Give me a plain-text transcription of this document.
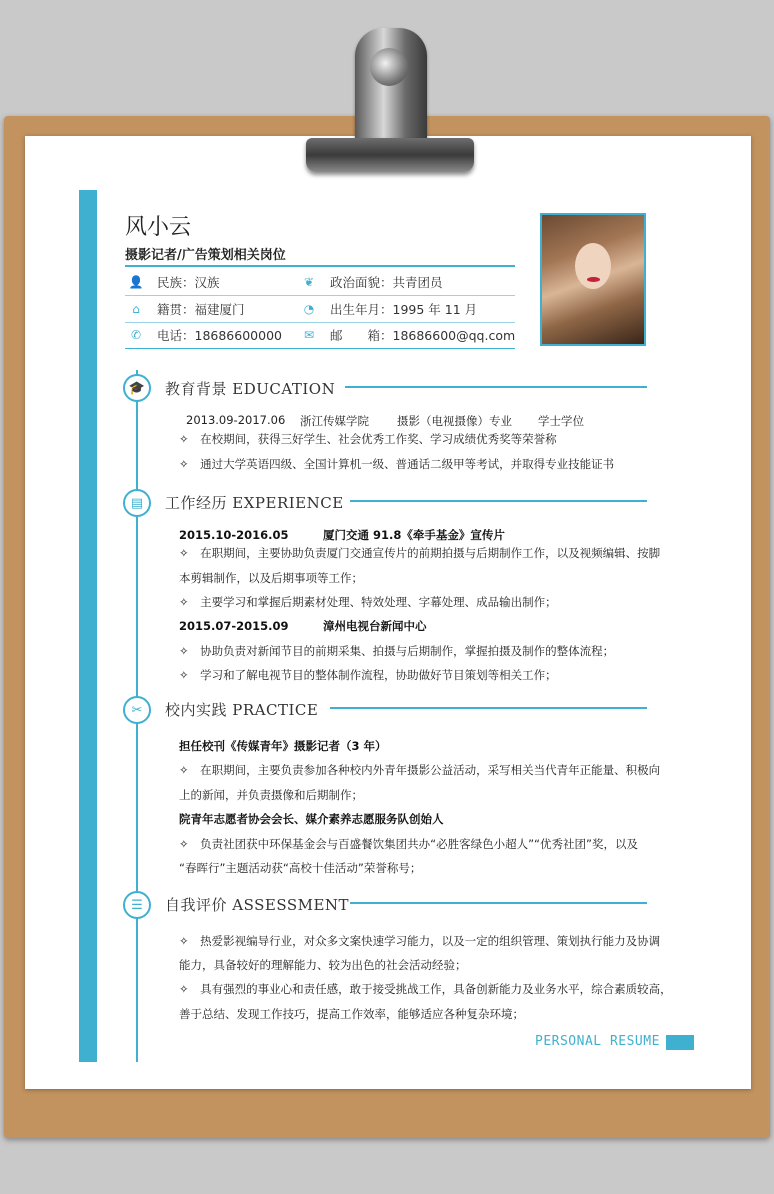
风小云
摄影记者/广告策划相关岗位
👤 民族：汉族	❦	政治面貌：共青团员
⌂	籍贯：福建厦门	◔	出生年月：1995 年 11 月
✆	电话：18686600000	✉	邮　　箱：18686600@qq.com
🎓	教育背景 EDUCATION
2013.09-2017.06 浙江传媒学院 摄影（电视摄像）专业 学士学位
✧　在校期间，获得三好学生、社会优秀工作奖、学习成绩优秀奖等荣誉称
✧　通过大学英语四级、全国计算机一级、普通话二级甲等考试，并取得专业技能证书
▤	工作经历 EXPERIENCE
2015.10-2016.05　　　厦门交通 91.8《牵手基金》宣传片
✧　在职期间，主要协助负责厦门交通宣传片的前期拍摄与后期制作工作，以及视频编辑、按脚
本剪辑制作，以及后期事项等工作；
✧　主要学习和掌握后期素材处理、特效处理、字幕处理、成品输出制作；
2015.07-2015.09　　　漳州电视台新闻中心
✧　协助负责对新闻节目的前期采集、拍摄与后期制作，掌握拍摄及制作的整体流程；
✧　学习和了解电视节目的整体制作流程，协助做好节目策划等相关工作；
✂	校内实践 PRACTICE
担任校刊《传媒青年》摄影记者（3 年）
✧　在职期间，主要负责参加各种校内外青年摄影公益活动，采写相关当代青年正能量、积极向
上的新闻，并负责摄像和后期制作；
院青年志愿者协会会长、媒介素养志愿服务队创始人
✧　负责社团获中环保基金会与百盛餐饮集团共办“必胜客绿色小超人”“优秀社团”奖，以及
“春晖行”主题活动获“高校十佳活动”荣誉称号；
☰	自我评价 ASSESSMENT
✧　热爱影视编导行业，对众多文案快速学习能力，以及一定的组织管理、策划执行能力及协调
能力，具备较好的理解能力、较为出色的社会活动经验；
✧　具有强烈的事业心和责任感，敢于接受挑战工作，具备创新能力及业务水平，综合素质较高，
善于总结、发现工作技巧，提高工作效率，能够适应各种复杂环境；
PERSONAL RESUME
